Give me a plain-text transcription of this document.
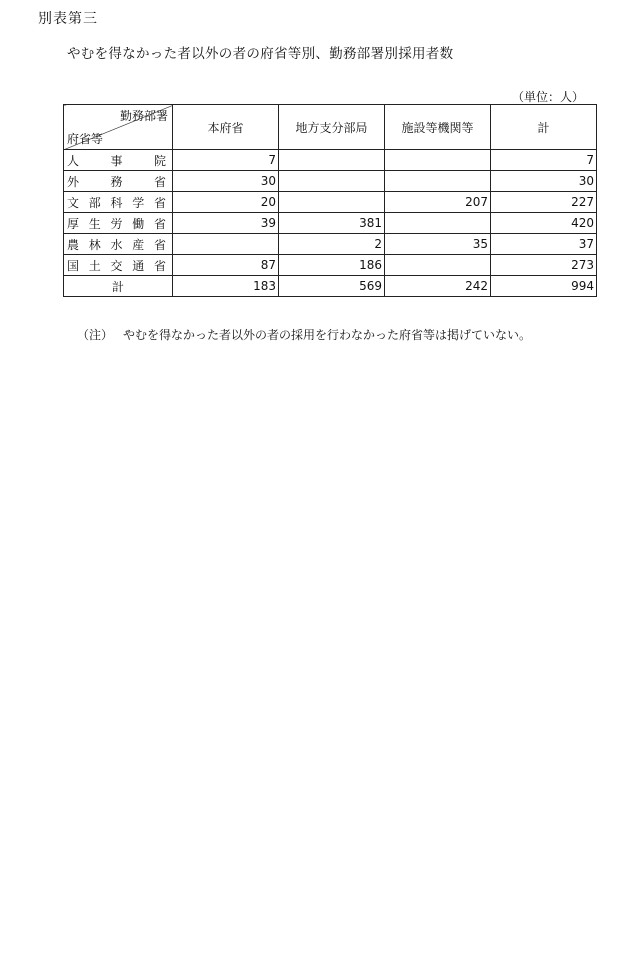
別表第三
やむを得なかった者以外の者の府省等別、勤務部署別採用者数
（単位：人）
勤務部署
府省等	本府省	地方支分部局	施設等機関等	計
人事院	7			7
外務省	30			30
文部科学省	20		207	227
厚生労働省	39	381		420
農林水産省		2	35	37
国土交通省	87	186		273
計	183	569	242	994
（注） やむを得なかった者以外の者の採用を行わなかった府省等は掲げていない。
